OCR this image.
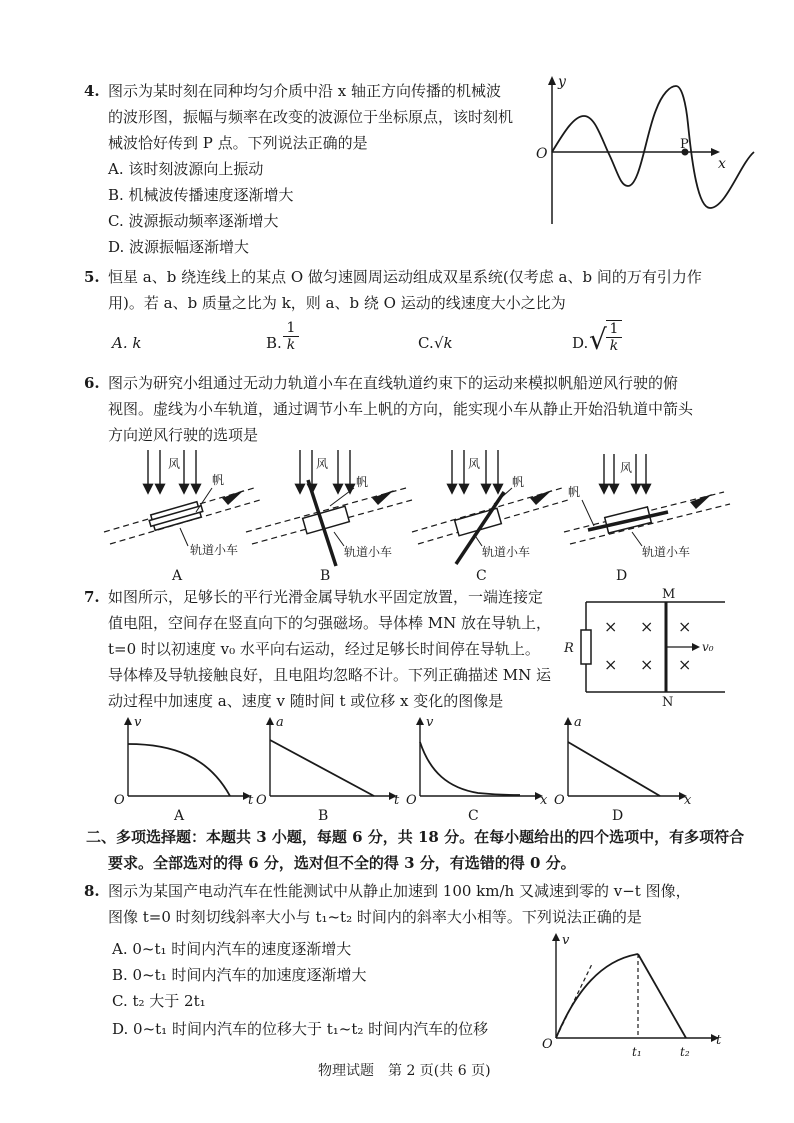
4. 图示为某时刻在同种均匀介质中沿 x 轴正方向传播的机械波
的波形图，振幅与频率在改变的波源位于坐标原点，该时刻机
械波恰好传到 P 点。下列说法正确的是
A. 该时刻波源向上振动
B. 机械波传播速度逐渐增大
C. 波源振动频率逐渐增大
D. 波源振幅逐渐增大
y
x
O
P
5. 恒星 a、b 绕连线上的某点 O 做匀速圆周运动组成双星系统(仅考虑 a、b 间的万有引力作
用)。若 a、b 质量之比为 k，则 a、b 绕 O 运动的线速度大小之比为
A. k	B. $\frac{1}{k}$	C. √k	D. √ $\frac{1}{k}$
6. 图示为研究小组通过无动力轨道小车在直线轨道约束下的运动来模拟帆船逆风行驶的俯
视图。虚线为小车轨道，通过调节小车上帆的方向，能实现小车从静止开始沿轨道中箭头
方向逆风行驶的选项是
风
帆
轨道小车
A
风
帆
轨道小车
B
风
帆
轨道小车
C
风
帆
轨道小车
D
7. 如图所示，足够长的平行光滑金属导轨水平固定放置，一端连接定
值电阻，空间存在竖直向下的匀强磁场。导体棒 MN 放在导轨上，
t=0 时以初速度 v₀ 水平向右运动，经过足够长时间停在导轨上。
导体棒及导轨接触良好，且电阻均忽略不计。下列正确描述 MN 运
动过程中加速度 a、速度 v 随时间 t 或位移 x 变化的图像是
M
R
× × ×
× × ×
v₀
N
v
t
O
A
a
t
O
B
v
x
O
C
a
x
O
D
二、多项选择题：本题共 3 小题，每题 6 分，共 18 分。在每小题给出的四个选项中，有多项符合
要求。全部选对的得 6 分，选对但不全的得 3 分，有选错的得 0 分。
8. 图示为某国产电动汽车在性能测试中从静止加速到 100 km/h 又减速到零的 v−t 图像，
图像 t=0 时刻切线斜率大小与 t₁~t₂ 时间内的斜率大小相等。下列说法正确的是
A. 0~t₁ 时间内汽车的速度逐渐增大
B. 0~t₁ 时间内汽车的加速度逐渐增大
C. t₂ 大于 2t₁
D. 0~t₁ 时间内汽车的位移大于 t₁~t₂ 时间内汽车的位移
v
t
O	t₁	t₂
物理试题　第 2 页(共 6 页)
